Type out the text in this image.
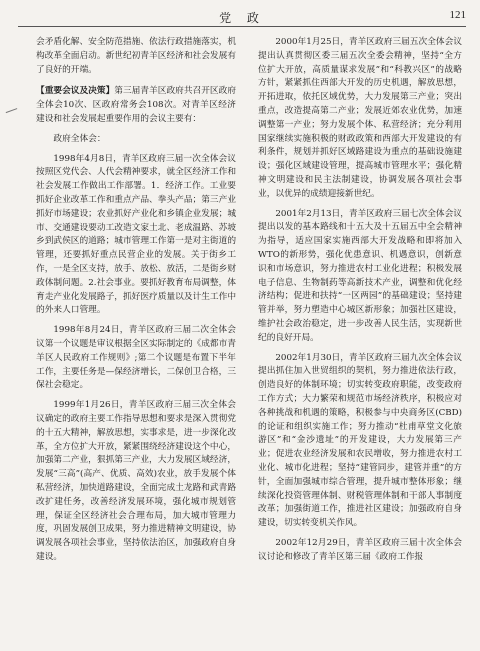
党 政	121

会矛盾化解、安全防范措施、依法行政措施落实，机构改革全面启动。新世纪初青羊区经济和社会发展有了良好的开端。

【重要会议及决策】第三届青羊区政府共召开区政府全体会10次、区政府常务会108次。对青羊区经济建设和社会发展起重要作用的会议主要有：

政府全体会：

1998年4月8日，青羊区政府三届一次全体会议按照区党代会、人代会精神要求，就全区经济工作和社会发展工作做出工作部署。1．经济工作。工业要抓好企业改革工作和重点产品、拳头产品；第三产业抓好市场建设；农业抓好产业化和乡镇企业发展；城市、交通建设要动工改造文家土北、老成温路、苏坡乡到武侯区的道路；城市管理工作第一是对主街道的管理，还要抓好重点民营企业的发展。关于街乡工作，一是全区支持，放手、放松、放活，二是街乡财政体制问题。2.社会事业。要抓好教育布局调整，体育走产业化发展路子，抓好医疗质量以及计生工作中的外来人口管理。

1998年8月24日，青羊区政府三届二次全体会议第一个议题是审议根据全区实际制定的《成都市青羊区人民政府工作规则》;第二个议题是布置下半年工作，主要任务是—保经济增长，二保创卫合格，三保社会稳定。

1999年1月26日，青羊区政府三届三次全体会议确定的政府主要工作指导思想和要求是深入贯彻党的十五大精神，解放思想，实事求是，进一步深化改革，全方位扩大开放，紧紧围绕经济建设这个中心，加强第二产业，狠抓第三产业，大力发展区域经济，发展“三高”(高产、优质、高效)农业，放手发展个体私营经济，加快道路建设，全面完成土龙路和武青路改扩建任务，改善经济发展环境，强化城市规划管理，保证全区经济社会合理布局，加大城市管理力度，巩固发展创卫成果，努力推进精神文明建设，协调发展各项社会事业，坚持依法治区，加强政府自身建设。

2000年1月25日，青羊区政府三届五次全体会议提出认真贯彻区委三届五次全委会精神，坚持“全方位扩大开放，高质量谋求发展”和“科教兴区”的战略方针，紧紧抓住西部大开发的历史机遇，解放思想，开拓进取，依托区域优势，大力发展第三产业；突出重点，改造提高第二产业；发展近郊农业优势，加速调整第一产业；努力发展个体、私营经济；充分利用国家继续实施积极的财政政策和西部大开发建设的有利条件，规划并抓好区域路建设为重点的基础设施建设；强化区域建设管理，提高城市管理水平；强化精神文明建设和民主法制建设，协调发展各项社会事业，以优异的成绩迎接新世纪。

2001年2月13日，青羊区政府三届七次全体会议提出以发的基本路线和十五大及十五届五中全会精神为指导，适应国家实施西部大开发战略和即将加入WTO的新形势，强化优患意识、机遇意识，创新意识和市场意识，努力推进农村工业化进程；积极发展电子信息、生物制药等高新技术产业，调整和优化经济结构；促进和扶持“一区两园”的基础建设；坚持建管并举，努力塑造中心城区新形象；加强社区建设，维护社会政治稳定，进一步改善人民生活，实现新世纪的良好开局。

2002年1月30日，青羊区政府三届九次全体会议提出抓住加入世贸组织的契机，努力推进依法行政，创造良好的体制环境；切实转变政府职能，改变政府工作方式；大力繁荣和规范市场经济秩序，积极应对各种挑战和机遇的策略，积极参与中央商务区(CBD)的论证和组织实施工作；努力推动“杜甫草堂文化旅游区”和“金沙遗址”的开发建设，大力发展第三产业；促进农业经济发展和农民增收，努力推进农村工业化、城市化进程；坚持“建管同步，建管并重”的方针，全面加强城市综合管理，提升城市整体形象；继续深化投资管理体制、财税管理体制和干部人事制度改革；加强街道工作，推进社区建设；加强政府自身建设，切实转变机关作风。

2002年12月29日，青羊区政府三届十次全体会议讨论和修改了青羊区第三届《政府工作报
